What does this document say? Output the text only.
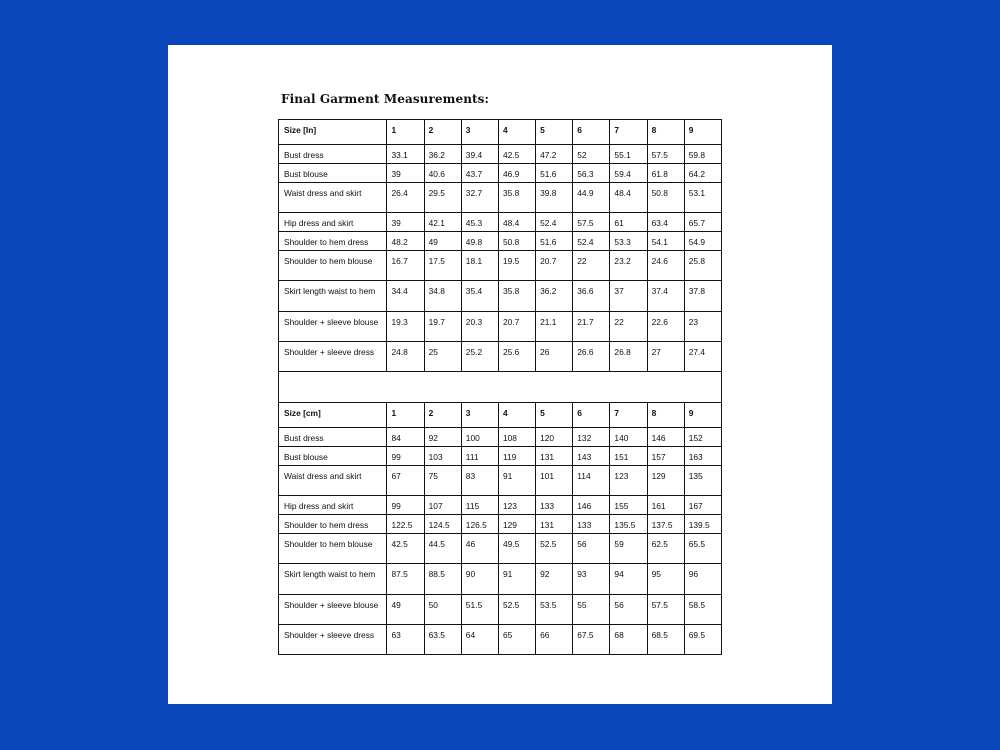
Final Garment Measurements:
Size [In]	1	2	3	4	5	6	7	8	9
Bust dress	33.1	36.2	39.4	42.5	47.2	52	55.1	57.5	59.8
Bust blouse	39	40.6	43.7	46.9	51.6	56.3	59.4	61.8	64.2
Waist dress and skirt	26.4	29.5	32.7	35.8	39.8	44.9	48.4	50.8	53.1
Hip dress and skirt	39	42.1	45.3	48.4	52.4	57.5	61	63.4	65.7
Shoulder to hem dress	48.2	49	49.8	50.8	51.6	52.4	53.3	54.1	54.9
Shoulder to hem blouse	16.7	17.5	18.1	19.5	20.7	22	23.2	24.6	25.8
Skirt length waist to hem	34.4	34.8	35.4	35.8	36.2	36.6	37	37.4	37.8
Shoulder + sleeve blouse	19.3	19.7	20.3	20.7	21.1	21.7	22	22.6	23
Shoulder + sleeve dress	24.8	25	25.2	25.6	26	26.6	26.8	27	27.4

Size [cm]	1	2	3	4	5	6	7	8	9
Bust dress	84	92	100	108	120	132	140	146	152
Bust blouse	99	103	111	119	131	143	151	157	163
Waist dress and skirt	67	75	83	91	101	114	123	129	135
Hip dress and skirt	99	107	115	123	133	146	155	161	167
Shoulder to hem dress	122.5	124.5	126.5	129	131	133	135.5	137.5	139.5
Shoulder to hem blouse	42.5	44.5	46	49.5	52.5	56	59	62.5	65.5
Skirt length waist to hem	87.5	88.5	90	91	92	93	94	95	96
Shoulder + sleeve blouse	49	50	51.5	52.5	53.5	55	56	57.5	58.5
Shoulder + sleeve dress	63	63.5	64	65	66	67.5	68	68.5	69.5
